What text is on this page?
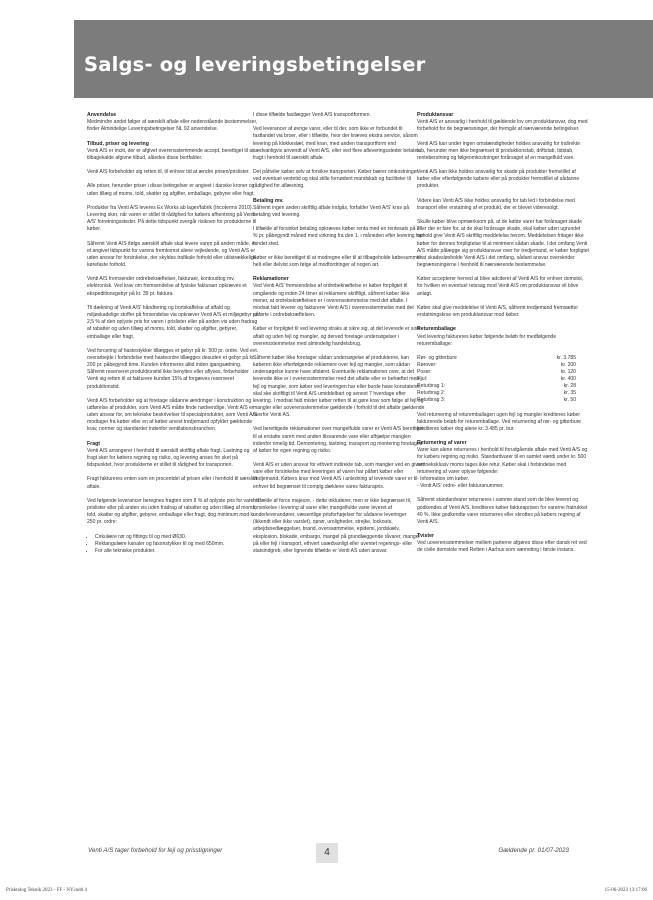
Salgs- og leveringsbetingelser

Anvendelse
Medmindre andet følger af særskilt aftale eller nedenstående bestemmelser, finder Almindelige Leveringsbetingelser NL 92 anvendelse.

Tilbud, priser og levering
Venti A/S er inciti, der er afgivet overensstemmende accept, berettiget til at tilbagekalde afgivne tilbud, således disse bortfalder.

Venti A/S forbeholder sig retten til, til enhver tid at ændre prisen/prislister.

Alle priser, herunder priser i disse betingelser er angivet i danske kroner og uden tillæg af moms, told, skatter og afgifter, emballage, gebyrer eller fragt.

Produkter fra Venti A/S leveres Ex Works ab lager/fabrik (Incoterms 2010). Levering sker, når varen er stillet til rådighed for købers afhentning på Venti A/S' forretningssteder. På dette tidspunkt overgår risikoen for produkterne til køber.

Såfremt Venti A/S ifølge særskilt aftale skal levere varen på anden måde, er et angivet tidspunkt for varens fremkomst alene vejledende, og Venti A/S er uden ansvar for forsinkelse, der skyldes trafikale forhold eller utilstrækkelige kørefaste forhold.

Venti A/S fremsender ordrebekræftelser, fakturaer, kontoudtog mv. elektronisk. Ved krav om fremsendelse af fysiske fakturaer opkræves et ekspeditionsgebyr på kr. 39 pr. faktura.

Til dækning af Venti A/S' håndtering og bortskaffelse af affald og miljøskadelige stoffer på forsendelse via opkræver Venti A/S et miljøgebyr på 2,5 % af den oplyste pris for varen i prislister eller på anden vis uden fradrag af rabatter og uden tillæg af moms, told, skatter og afgifter, gebyrer, emballage eller fragt.

Ved forcering af hastestykker tillægges et gebyr på kr. 500 pr. ordre. Ved evt. overarbejde i forbindelse med hasteordre tillægges desuden et gebyr på kr. 200 pr. påbegyndt time. Kunden informeres altid inden igangsætning. Såfremt reserveret produktionstid ikke benyttes eller aflyses, forbeholder Venti sig retten til at fakturere kunden 15% af forgæves reserveret produktionstid.

Venti A/S forbeholder sig at foretage sådanne ændringer i konstruktion og udførelse af produkter, som Venti A/S måtte finde nødvendige. Venti A/S er uden ansvar for, om tekniske beskrivelser til specialprodukter, som Venti A/S modtager fra køber eller en af køber anvist tredjemand opfylder gældende krav, normer og standarder indenfor ventilationsbranchen.

Fragt
Venti A/S arrangerer i henhold til særskilt skriftlig aftale fragt. Lastning og fragt sker for købers regning og risiko, og levering anses for sket på tidspunktet, hvor produkterne er stillet til rådighed for transporten.

Fragt faktureres enten som en procentdel af prisen eller i henhold til særskilt aftale.

Ved følgende leverancer beregnes fragten som 8 % af oplyste pris for varen i prislister eller på anden vis uden fradrag af rabatter og uden tillæg af moms, told, skatter og afgifter, gebyrer, emballage eller fragt, dog minimum mod kr. 250 pr. ordre:

• Cirkulære rør og fittings til og med Ø630.
• Rektangulære kanaler og fasonstykker til og med 650mm.
• For alle tekniske produkter.

I disse tilfælde fastlægger Venti A/S transportformen.

Ved leverancer af øvrige varer, eller til der, som ikke er forbundet til fastlandet via broer, eller i tilfælde, hvor der kræves ekstra service, såsom levering på klokkeslæt, med kran, med anden transportform end sædvanligvis anvendt af Venti A/S, eller ved flere afleveringssteder betales fragt i henhold til særskilt aftale.

Det påhviler køber selv at forsikre transporten. Køber bærer omkostninger ved eventuel ventetid og skal stille fornødent mandskab og faciliteter til rådighed for aflæsning.

Betaling mv.
Såfremt ingen anden skriftlig aftale indgås, forfalder Venti A/S' krav på betaling ved levering.

I tilfælde af forsinket betaling opkræves køber renta med en rentesats på 2 % pr. påbegyndt måned med virkning fra den 1. i måneden efter levering har fundet sted.

Køber er ikke berettiget til at modregne eller til at tilbageholde købesummen helt eller delvist som følge af modfordringer af nogen art.

Reklamationer
Ved Venti A/S' fremsendelse af ordrebekræftelse er køber forpligtet til omgående og inden 24 timer at reklamere skriftligt, såfremt køber ikke mener, at ordrebekræftelsen er i overensstemmelse med det aftalte. I modsat fald leverer og fakturerer Venti A/S i overensstemmelse med det anførte i ordrebekræftelsen.

Køber er forpligtet til ved levering straks at sikre sig, at det leverede er som aftalt og uden fejl og mangler, og derved foretage undersøgelser i overensstemmelse med almindelig handelsbrug.

Såfremt køber ikke foretager sådan undersøgelse af produkterne, kan køberen ikke efterfølgende reklamere over fejl og mangler, som sådan undersøgelse kunne have afsløret. Eventuelle reklamationer over, at det leverede ikke er i overensstemmelse med det aftalte eller er behæftet med fejl og mangler, som køber ved leveringen har eller burde have konstateret, skal ske skriftligt til Venti A/S umiddelbart og senest 7 hverdage efter levering. I modsat fald mister køber retten til at gøre krav som følge af fejl og mangler eller uoverensstemmelse gældende i forhold til det aftalte gældende overfor Venti AS.

Ved berettigede reklamationer over mangelfulde varer er Venti A/S berettiget til at erstatte varen med anden tilsvarende vare eller afhjælpe manglen indenfor rimelig tid. Demontering, lastning, transport og montering foretages af køber for egen regning og risiko.

Venti A/S er uden ansvar for ethvert indirekte tab, som mangler ved en given vare eller forsinkelse med leveringen af varen har påført køber eller tredjemand. Købers krav mod Venti A/S i anledning af leverede varer er til enhver tid begrænset til complg.dæklene vares fakturapris.

I tilfælde af force majeure, - dette inkluderer, men er ikke begrænset til, forsinkelse i levering af varer eller mangelfulde varer leveret af underleverandører, væsentlige prisforhøjelser for sådanne leveringer (ikkendt eller ikke varslet), oprør, uroligheder, strejke, lockouts, arbejdsnedlæggelser, brand, oversvømmelse, epidemi, jordskælv, eksplosion, blokade, embargo, mangel på grundlæggende råvarer, mangel på eller fejl i transport, ethvert usædvanligt eller uventet regerings- eller statsindgreb, eller lignende tilfælde er Venti AS uden ansvar.

Produktansvar
Venti A/S er ansvarlig i henhold til gældende lov om produktansvar, dog med forbehold for de begrænsninger, der fremgår af nærværende betingelser.

Venti A/S kan under ingen omstændigheder holdes ansvarlig for indirekte tab, herunder men ikke begrænset til produktionstab, driftstab, tidstab, renteberstning og følgeomkostninger forårsaget af en mangelfuld vare.

Venti A/S kan ikke holdes ansvarlig for skade på produkter fremstillet af køber eller efterfølgende købere eller på produkter fremstillet af sådanne produkter.

Videre kan Venti A/S ikke holdes ansvarlig for tab led i forbindelse med transport eller erstatning af et produkt, der er blevet videresolgt.

Skulle køber blive opmærksom på, at de købte varer har forårsaget skade eller der er fare for, at de skal forårsage skade, skal køber uden ugrundet ophold give Venti A/S skriftlig meddelelse herom. Meddelelsen fritager ikke køber for dennes forpligtelse til at minimere sådan skade. I det omfang Venti A/S måtte pålægge sig produktansvar over for tredjemand, er køber forpligtet til at skadesløsholde Venti A/S i det omfang, sådant ansvar overskrider begrænsningerne i henhold til nærværende bestemmelse.

Køber accepterer herved at blive adciteret af Venti A/S for enhver domstol, for hvilken en eventuel retssag mod Venti A/S om produktansvar vil blive anlagt.

Køber skal give meddelelse til Venti A/S, såfremt tredjemand fremsætter erstatningskrav om produktansvar mod køber.

Returemballage
Ved levering faktureres køber følgende beløb for medfølgende returemballage:

Rør- og gitterbure	kr. 3.785
Rørover:	kr. 200
Poser:	kr. 120
Hjul:	kr. 400
Returbrag 1:	kr. 28
Returbrag 2:	kr. 35
Returbrag 3:	kr. 50

Ved returnering af returemballagen ugen fejl og mangler krediteres køber fakturerede beløb for returemballage. Ved returnering af rør- og gitterbure krediteres køber dog alene kr. 3.485 pr. bur.

Returnering af varer
Varer kan alene returneres i henhold til forudgående aftale med Venti A/S og for købers regning og risiko. Standardvarer til en samlet værdi under kr. 500 nettoeksklusiv moms tages ikke retur. Køber skal i forbindelse med returnering af varer oplyse følgende:
- Information om køber.
- Venti A/S' ordre- eller fakturanummer.

Såfremt standardvarer returneres i samme stand som de blev leveret og godkendes af Venti A/S, krediteres køber fakturaprisen for varerne fratrukket 40 %. Ikke godkendte varer returneres eller skrottes på købers regning af Venti A/S.

Tvister
Ved uoverensstemmelser mellem parterne afgøres disse efter dansk ret ved de civile domstole med Retten i Aarhus som værneting i første instans.

Venti A/S tager forbehold for fejl og prisstigninger	4	Gældende pr. 01/07-2023
Prisktalog Teknik 2023 - FF - NY.indd 4	15-06-2023 13:17:06
